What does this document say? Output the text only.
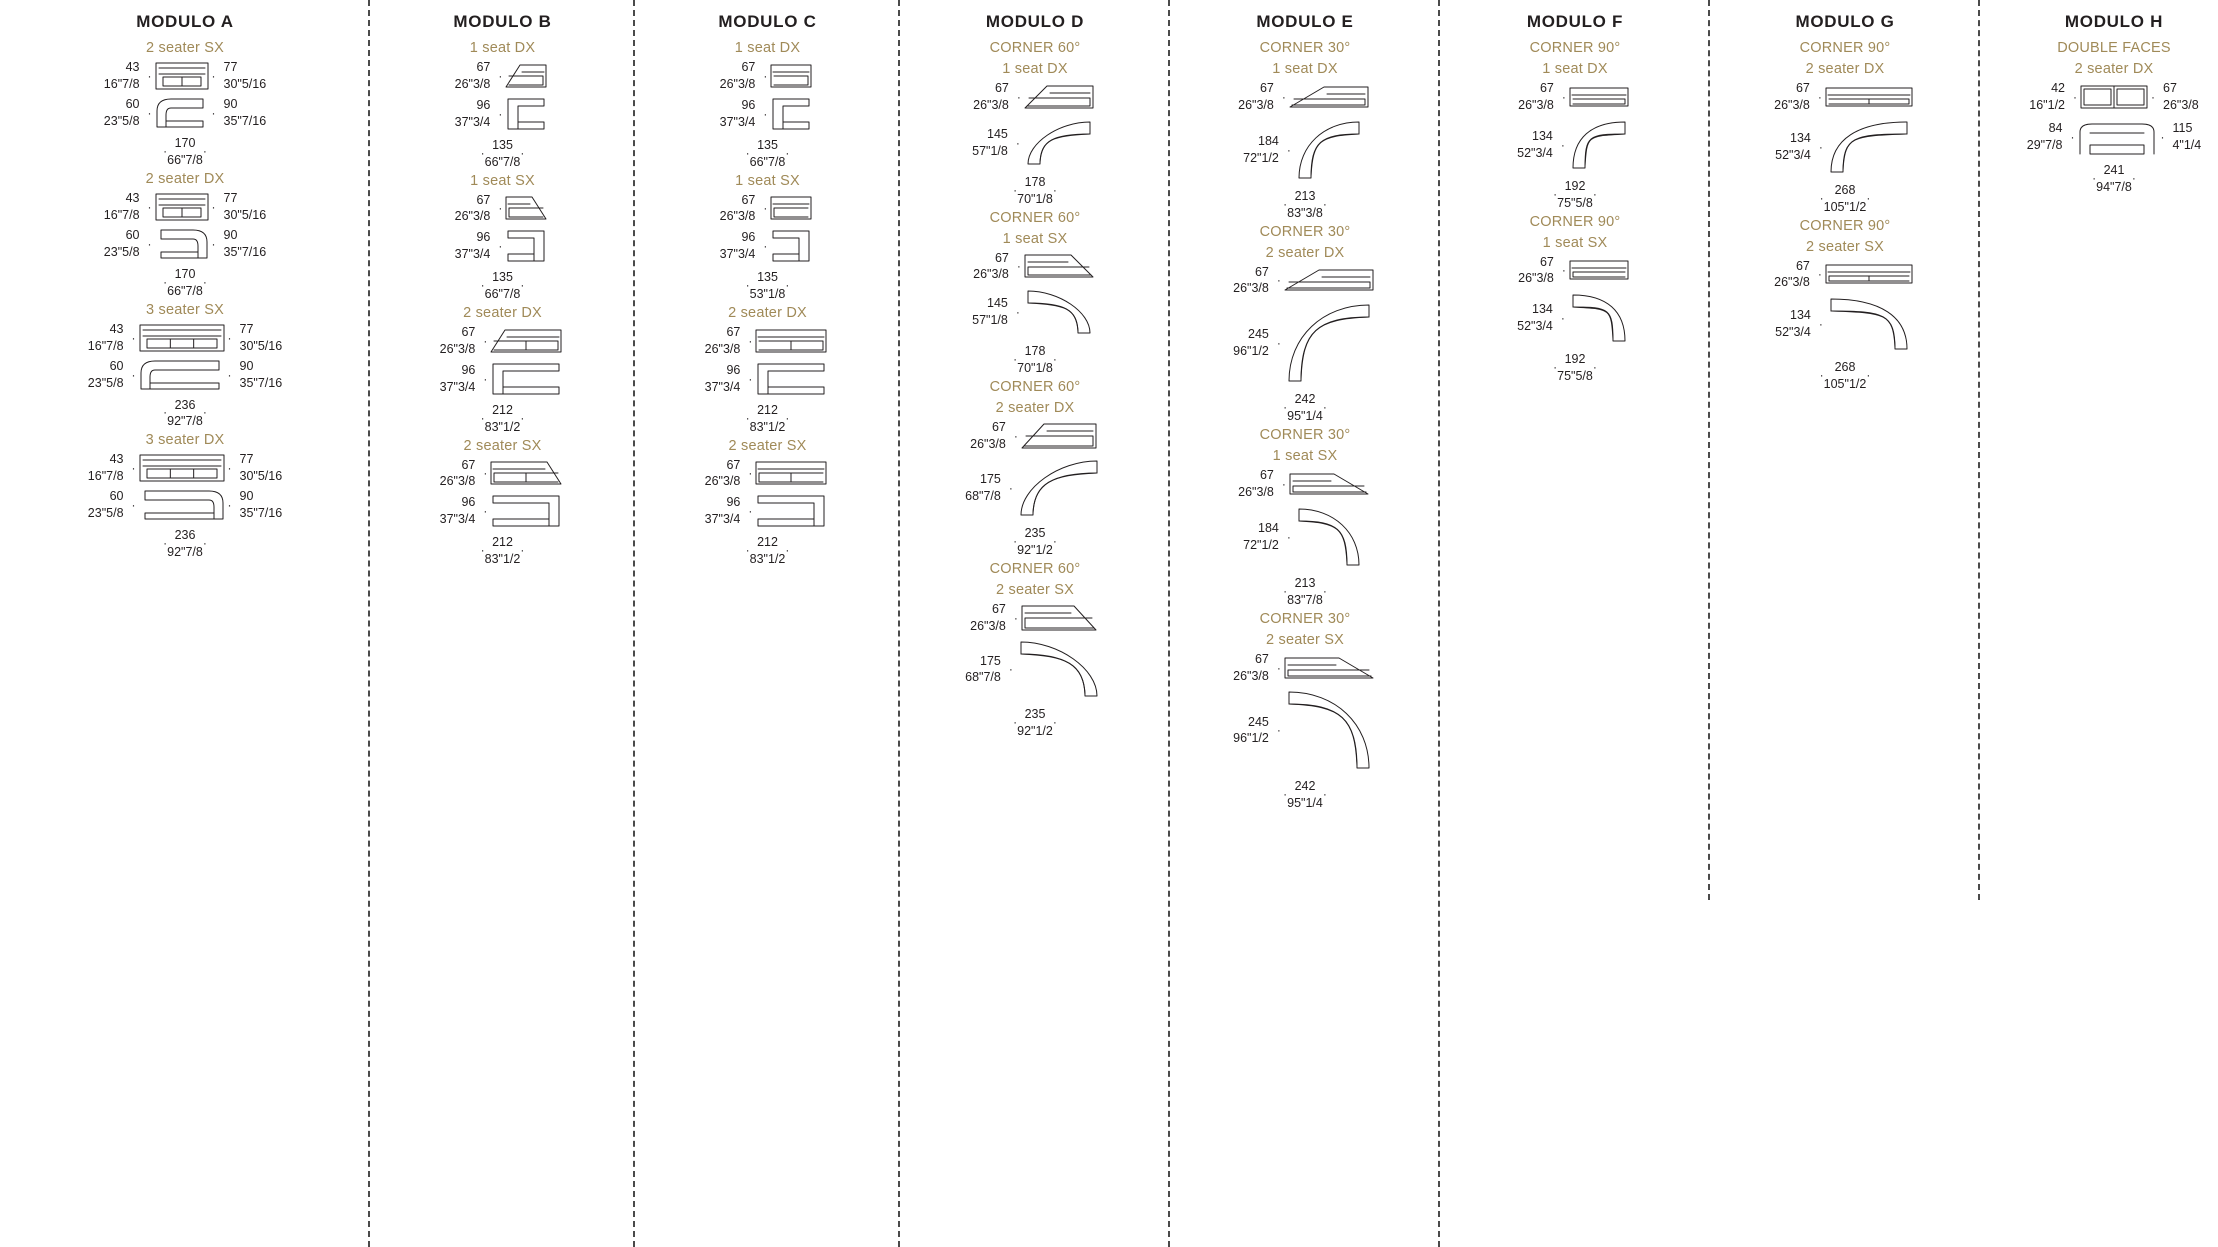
MODULO A
2 seater SX
43
16"7/8
·	·
77
30"5/16
60
23"5/8
·	·
90
35"7/16
·
170
66"7/8
·
2 seater DX
43
16"7/8
·	·
77
30"5/16
60
23"5/8
·	·
90
35"7/16
·
170
66"7/8
·
3 seater SX
43
16"7/8
·	·
77
30"5/16
60
23"5/8
·	·
90
35"7/16
·
236
92"7/8
·
3 seater DX
43
16"7/8
·	·
77
30"5/16
60
23"5/8
·	·
90
35"7/16
·
236
92"7/8
·
MODULO B
1 seat DX
67
26"3/8
·
96
37"3/4
·
·
135
66"7/8
·
1 seat SX
67
26"3/8
·
96
37"3/4
·
·
135
66"7/8
·
2 seater DX
67
26"3/8
·
96
37"3/4
·
·
212
83"1/2
·
2 seater SX
67
26"3/8
·
96
37"3/4
·
·
212
83"1/2
·
MODULO C
1 seat DX
67
26"3/8
·
96
37"3/4
·
·
135
66"7/8
·
1 seat SX
67
26"3/8
·
96
37"3/4
·
·
135
53"1/8
·
2 seater DX
67
26"3/8
·
96
37"3/4
·
·
212
83"1/2
·
2 seater SX
67
26"3/8
·
96
37"3/4
·
·
212
83"1/2
·
MODULO D
CORNER 60°
1 seat DX
67
26"3/8
·
145
57"1/8
·
·
178
70"1/8
·
CORNER 60°
1 seat SX
67
26"3/8
·
145
57"1/8
·
·
178
70"1/8
·
CORNER 60°
2 seater DX
67
26"3/8
·
175
68"7/8
·
·
235
92"1/2
·
CORNER 60°
2 seater SX
67
26"3/8
·
175
68"7/8
·
·
235
92"1/2
·
MODULO E
CORNER 30°
1 seat DX
67
26"3/8
·
184
72"1/2
·
·
213
83"3/8
·
CORNER 30°
2 seater DX
67
26"3/8
·
245
96"1/2
·
·
242
95"1/4
·
CORNER 30°
1 seat SX
67
26"3/8
·
184
72"1/2
·
·
213
83"7/8
·
CORNER 30°
2 seater SX
67
26"3/8
·
245
96"1/2
·
·
242
95"1/4
·
MODULO F
CORNER 90°
1 seat DX
67
26"3/8
·
134
52"3/4
·
·
192
75"5/8
·
CORNER 90°
1 seat SX
67
26"3/8
·
134
52"3/4
·
·
192
75"5/8
·
MODULO G
CORNER 90°
2 seater DX
67
26"3/8
·
134
52"3/4
·
·
268
105"1/2
·
CORNER 90°
2 seater SX
67
26"3/8
·
134
52"3/4
·
·
268
105"1/2
·
MODULO H
DOUBLE FACES
2 seater DX
42
16"1/2
·	·
67
26"3/8
84
29"7/8
·	·
115
4"1/4
·
241
94"7/8
·
